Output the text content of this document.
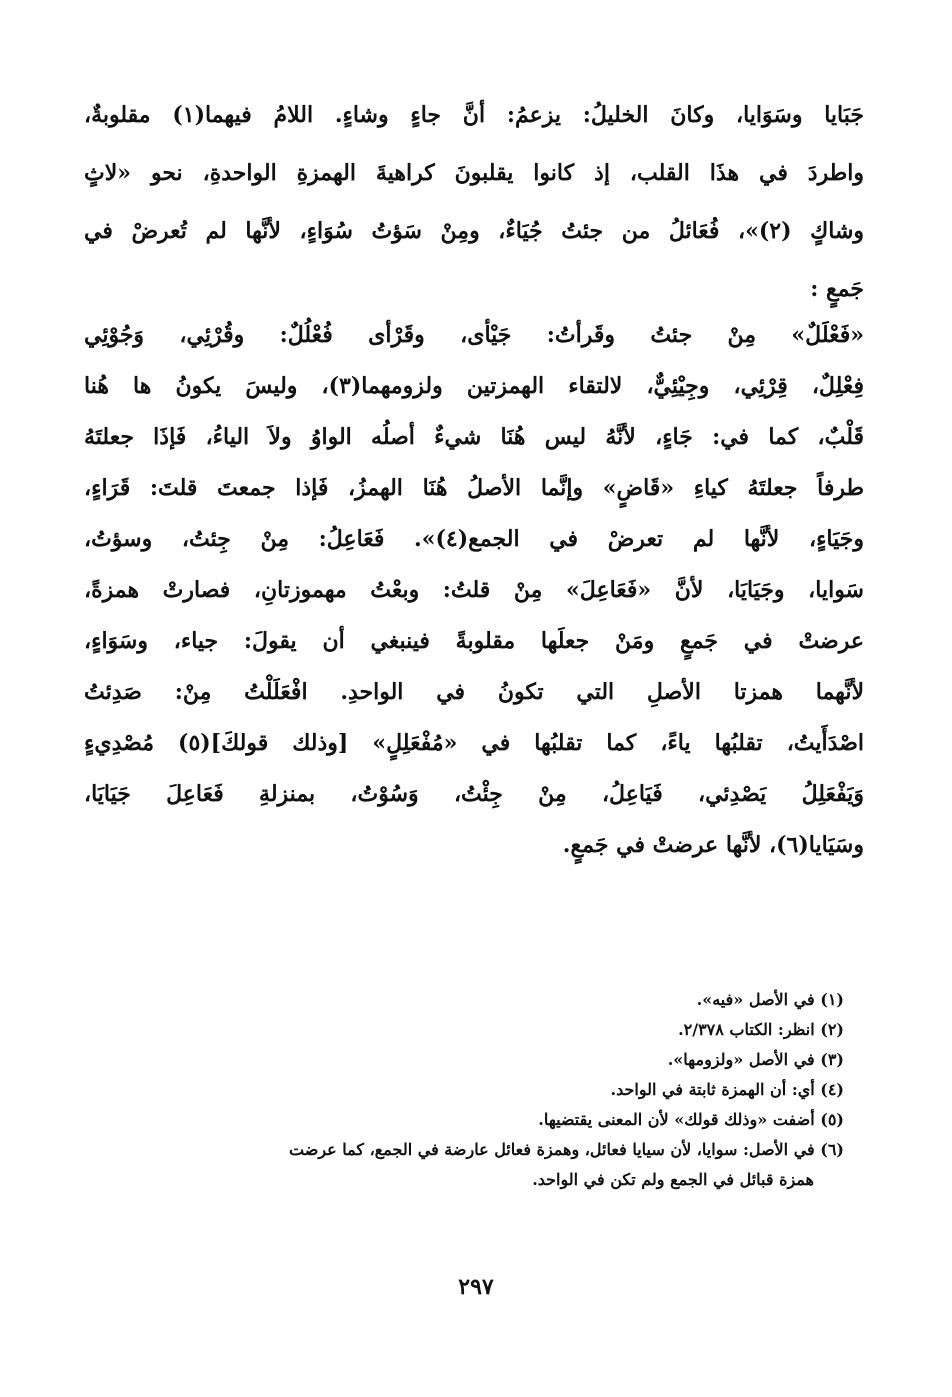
جَبَايا وسَوَايا، وكانَ الخليلُ: يزعمُ: أنَّ جاءٍ وشاءٍ. اللامُ فيهما(١) مقلوبةٌ،
واطردَ في هذَا القلب، إذ كانوا يقلبونَ كراهيةَ الهمزةِ الواحدةِ، نحو «لاثٍ
وشاكٍ (٢)»، فُعَائلُ من جئتُ جُيَاءٌ، ومِنْ سَؤتُ سُوَاءٍ، لأنَّها لم تُعرضْ في
جَمعٍ :
«فَعْلَلٌ» مِنْ جئتُ وقَرأتُ: جَيْأى، وقَرْأى فُعْلُلٌ: وقُرْئِي، وَجُوْئِي
فِعْلِلٌ، قِرْئِي، وجِيْئِيٌّ، لالتقاء الهمزتين ولزومهما(٣)، وليسَ يكونُ ها هُنا
قَلْبٌ، كما في: جَاءٍ، لأنَّهُ ليس هُنَا شيءٌ أصلُه الواوُ ولاَ الياءُ، فَإذَا جعلتَهُ
طرفاً جعلتَهُ كياءِ «قَاضٍ» وإنَّما الأصلُ هُنَا الهمزُ، فَإذا جمعتَ قلتَ: قَرَاءٍ،
وجَيَاءٍ، لأنَّها لم تعرضْ في الجمع(٤)». فَعَاعِلُ: مِنْ جِئتُ، وسؤتُ،
سَوايا، وجَيَايَا، لأنَّ «فَعَاعِلَ» مِنْ قلتُ: وبعْتُ مهموزتانِ، فصارتْ همزةً،
عرضتْ في جَمعٍ ومَنْ جعلَها مقلوبةً فينبغي أن يقولَ: جياء، وسَوَاءٍ،
لأنَّهما همزتا الأصلِ التي تكونُ في الواحدِ. افْعَلَلْتُ مِنْ: صَدِئتُ
اصْدَأَيتُ، تقلبُها ياءً، كما تقلبُها في «مُفْعَلِلٍ» [وذلك قولكَ](٥) مُصْدِيءٍ
وَيَفْعَلِلُ يَصْدِئي، فَيَاعِلُ، مِنْ جِئْتُ، وَسُوْتُ، بمنزلةِ فَعَاعِلَ جَيَايَا،
وسَيَايا(٦)، لأنَّها عرضتْ في جَمعٍ.
(١) في الأصل «فيه».
(٢) انظر: الكتاب ٢/٣٧٨.
(٣) في الأصل «ولزومها».
(٤) أي: أن الهمزة ثابتة في الواحد.
(٥) أضفت «وذلك قولك» لأن المعنى يقتضيها.
(٦) في الأصل: سوايا، لأن سيايا فعائل، وهمزة فعائل عارضة في الجمع، كما عرضت
همزة قبائل في الجمع ولم تكن في الواحد.
٢٩٧
